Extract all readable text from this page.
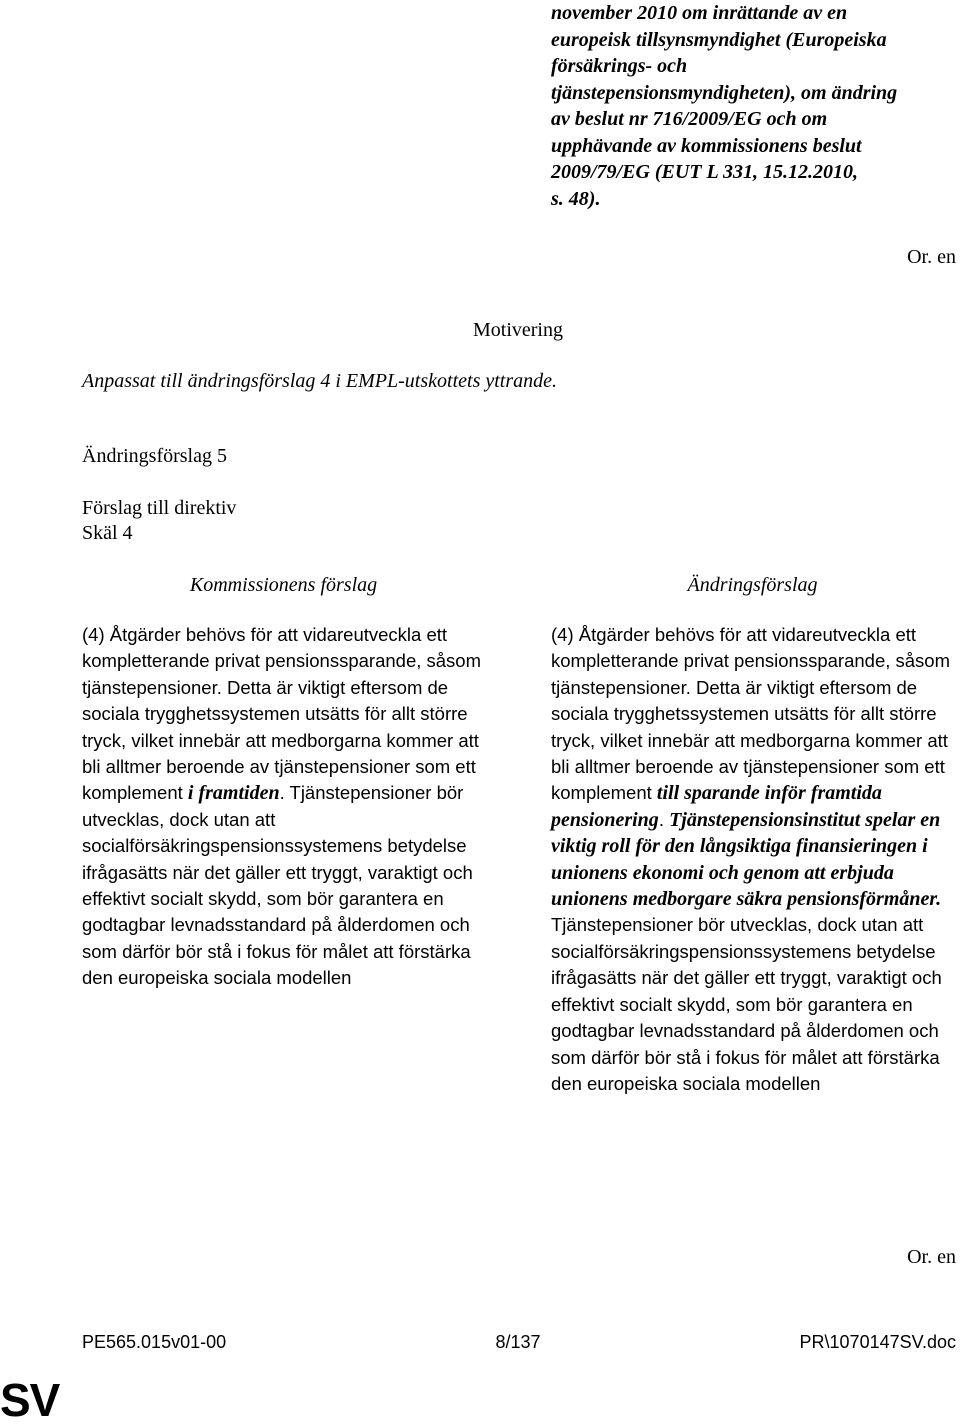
november 2010 om inrättande av en
europeisk tillsynsmyndighet (Europeiska
försäkrings- och
tjänstepensionsmyndigheten), om ändring
av beslut nr 716/2009/EG och om
upphävande av kommissionens beslut
2009/79/EG (EUT L 331, 15.12.2010,
s. 48).
Or. en
Motivering
Anpassat till ändringsförslag 4 i EMPL-utskottets yttrande.
Ändringsförslag 5
Förslag till direktiv
Skäl 4
Kommissionens förslag	Ändringsförslag
(4) Åtgärder behövs för att vidareutveckla ett kompletterande privat pensionssparande, såsom tjänstepensioner. Detta är viktigt eftersom de sociala trygghetssystemen utsätts för allt större tryck, vilket innebär att medborgarna kommer att bli alltmer beroende av tjänstepensioner som ett komplement i framtiden. Tjänstepensioner bör utvecklas, dock utan att socialförsäkringspensionssystemens betydelse ifrågasätts när det gäller ett tryggt, varaktigt och effektivt socialt skydd, som bör garantera en godtagbar levnadsstandard på ålderdomen och som därför bör stå i fokus för målet att förstärka den europeiska sociala modellen
(4) Åtgärder behövs för att vidareutveckla ett kompletterande privat pensionssparande, såsom tjänstepensioner. Detta är viktigt eftersom de sociala trygghetssystemen utsätts för allt större tryck, vilket innebär att medborgarna kommer att bli alltmer beroende av tjänstepensioner som ett komplement till sparande inför framtida pensionering. Tjänstepensionsinstitut spelar en viktig roll för den långsiktiga finansieringen i unionens ekonomi och genom att erbjuda unionens medborgare säkra pensionsförmåner. Tjänstepensioner bör utvecklas, dock utan att socialförsäkringspensionssystemens betydelse ifrågasätts när det gäller ett tryggt, varaktigt och effektivt socialt skydd, som bör garantera en godtagbar levnadsstandard på ålderdomen och som därför bör stå i fokus för målet att förstärka den europeiska sociala modellen
Or. en
PE565.015v01-00	8/137	PR\1070147SV.doc
SV
